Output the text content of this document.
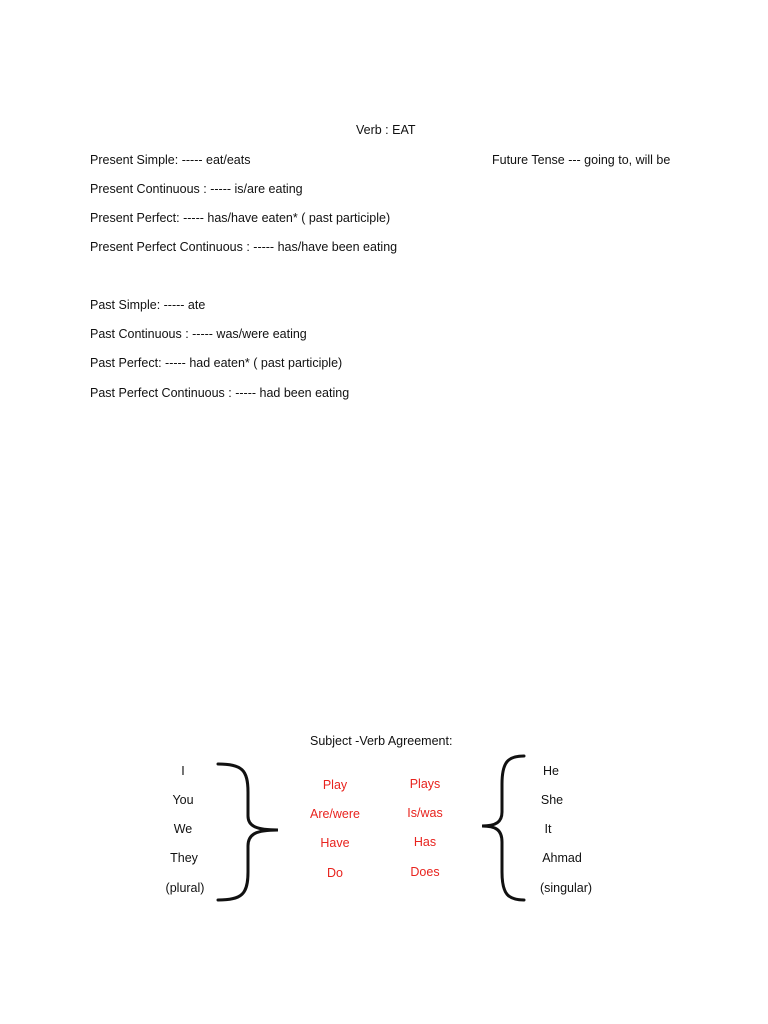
Verb : EAT
Present Simple: ----- eat/eats	Future Tense --- going to, will be
Present Continuous : ----- is/are eating
Present Perfect: ----- has/have eaten* ( past participle)
Present Perfect Continuous : ----- has/have been eating
Past Simple: ----- ate
Past Continuous : ----- was/were eating
Past Perfect: ----- had eaten* ( past participle)
Past Perfect Continuous : ----- had been eating
Subject -Verb Agreement:
I
You
We
They
(plural)
Play
Are/were
Have
Do
Plays
Is/was
Has
Does
He
She
It
Ahmad
(singular)
